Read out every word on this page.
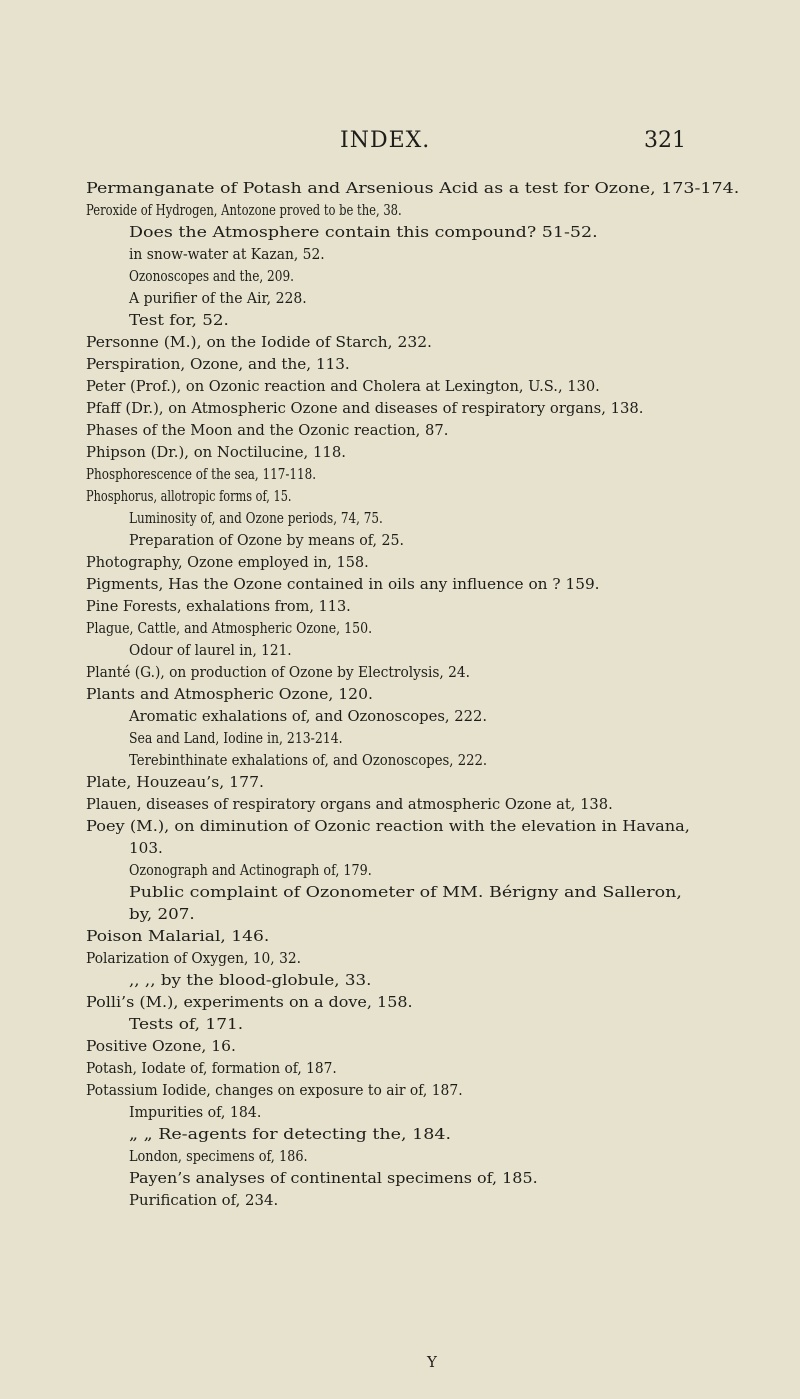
INDEX.	321
Permanganate of Potash and Arsenious Acid as a test for Ozone, 173-174.
Peroxide of Hydrogen, Antozone proved to be the, 38.
Does the Atmosphere contain this compound? 51-52.
in snow-water at Kazan, 52.
Ozonoscopes and the, 209.
A purifier of the Air, 228.
Test for, 52.
Personne (M.), on the Iodide of Starch, 232.
Perspiration, Ozone, and the, 113.
Peter (Prof.), on Ozonic reaction and Cholera at Lexington, U.S., 130.
Pfaff (Dr.), on Atmospheric Ozone and diseases of respiratory organs, 138.
Phases of the Moon and the Ozonic reaction, 87.
Phipson (Dr.), on Noctilucine, 118.
Phosphorescence of the sea, 117-118.
Phosphorus, allotropic forms of, 15.
Luminosity of, and Ozone periods, 74, 75.
Preparation of Ozone by means of, 25.
Photography, Ozone employed in, 158.
Pigments, Has the Ozone contained in oils any influence on ? 159.
Pine Forests, exhalations from, 113.
Plague, Cattle, and Atmospheric Ozone, 150.
Odour of laurel in, 121.
Planté (G.), on production of Ozone by Electrolysis, 24.
Plants and Atmospheric Ozone, 120.
Aromatic exhalations of, and Ozonoscopes, 222.
Sea and Land, Iodine in, 213-214.
Terebinthinate exhalations of, and Ozonoscopes, 222.
Plate, Houzeau’s, 177.
Plauen, diseases of respiratory organs and atmospheric Ozone at, 138.
Poey (M.), on diminution of Ozonic reaction with the elevation in Havana,
103.
Ozonograph and Actinograph of, 179.
Public complaint of Ozonometer of MM. Bérigny and Salleron,
by, 207.
Poison Malarial, 146.
Polarization of Oxygen, 10, 32.
,, ,, by the blood-globule, 33.
Polli’s (M.), experiments on a dove, 158.
Tests of, 171.
Positive Ozone, 16.
Potash, Iodate of, formation of, 187.
Potassium Iodide, changes on exposure to air of, 187.
Impurities of, 184.
„ „ Re-agents for detecting the, 184.
London, specimens of, 186.
Payen’s analyses of continental specimens of, 185.
Purification of, 234.
Y
